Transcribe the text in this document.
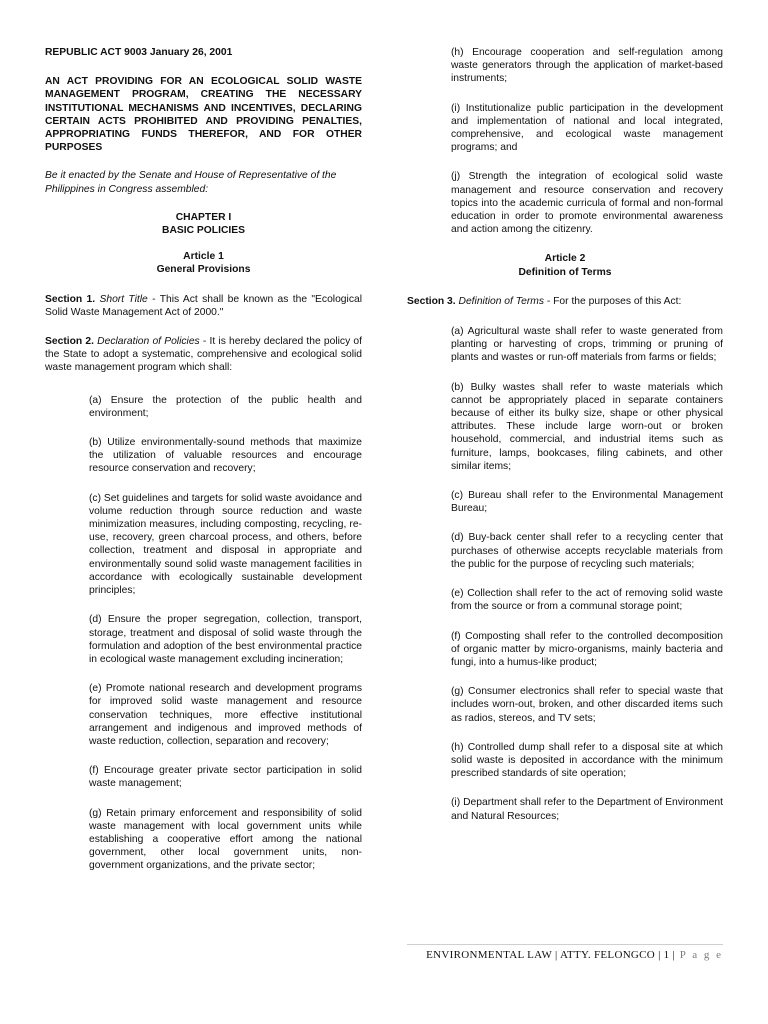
REPUBLIC ACT 9003 January 26, 2001

AN ACT PROVIDING FOR AN ECOLOGICAL SOLID WASTE MANAGEMENT PROGRAM, CREATING THE NECESSARY INSTITUTIONAL MECHANISMS AND INCENTIVES, DECLARING CERTAIN ACTS PROHIBITED AND PROVIDING PENALTIES, APPROPRIATING FUNDS THEREFOR, AND FOR OTHER PURPOSES

Be it enacted by the Senate and House of Representative of the Philippines in Congress assembled:

CHAPTER I

BASIC POLICIES

Article 1

General Provisions

Section 1. Short Title - This Act shall be known as the "Ecological Solid Waste Management Act of 2000."

Section 2. Declaration of Policies - It is hereby declared the policy of the State to adopt a systematic, comprehensive and ecological solid waste management program which shall:

(a) Ensure the protection of the public health and environment;

(b) Utilize environmentally-sound methods that maximize the utilization of valuable resources and encourage resource conservation and recovery;

(c) Set guidelines and targets for solid waste avoidance and volume reduction through source reduction and waste minimization measures, including composting, recycling, re-use, recovery, green charcoal process, and others, before collection, treatment and disposal in appropriate and environmentally sound solid waste management facilities in accordance with ecologically sustainable development principles;

(d) Ensure the proper segregation, collection, transport, storage, treatment and disposal of solid waste through the formulation and adoption of the best environmental practice in ecological waste management excluding incineration;

(e) Promote national research and development programs for improved solid waste management and resource conservation techniques, more effective institutional arrangement and indigenous and improved methods of waste reduction, collection, separation and recovery;

(f) Encourage greater private sector participation in solid waste management;

(g) Retain primary enforcement and responsibility of solid waste management with local government units while establishing a cooperative effort among the national government, other local government units, non- government organizations, and the private sector;

(h) Encourage cooperation and self-regulation among waste generators through the application of market-based instruments;

(i) Institutionalize public participation in the development and implementation of national and local integrated, comprehensive, and ecological waste management programs; and

(j) Strength the integration of ecological solid waste management and resource conservation and recovery topics into the academic curricula of formal and non-formal education in order to promote environmental awareness and action among the citizenry.

Article 2

Definition of Terms

Section 3. Definition of Terms - For the purposes of this Act:

(a) Agricultural waste shall refer to waste generated from planting or harvesting of crops, trimming or pruning of plants and wastes or run-off materials from farms or fields;

(b) Bulky wastes shall refer to waste materials which cannot be appropriately placed in separate containers because of either its bulky size, shape or other physical attributes. These include large worn-out or broken household, commercial, and industrial items such as furniture, lamps, bookcases, filing cabinets, and other similar items;

(c) Bureau shall refer to the Environmental Management Bureau;

(d) Buy-back center shall refer to a recycling center that purchases of otherwise accepts recyclable materials from the public for the purpose of recycling such materials;

(e) Collection shall refer to the act of removing solid waste from the source or from a communal storage point;

(f) Composting shall refer to the controlled decomposition of organic matter by micro-organisms, mainly bacteria and fungi, into a humus-like product;

(g) Consumer electronics shall refer to special waste that includes worn-out, broken, and other discarded items such as radios, stereos, and TV sets;

(h) Controlled dump shall refer to a disposal site at which solid waste is deposited in accordance with the minimum prescribed standards of site operation;

(i) Department shall refer to the Department of Environment and Natural Resources;

ENVIRONMENTAL LAW | ATTY. FELONGCO | 1 | P a g e
